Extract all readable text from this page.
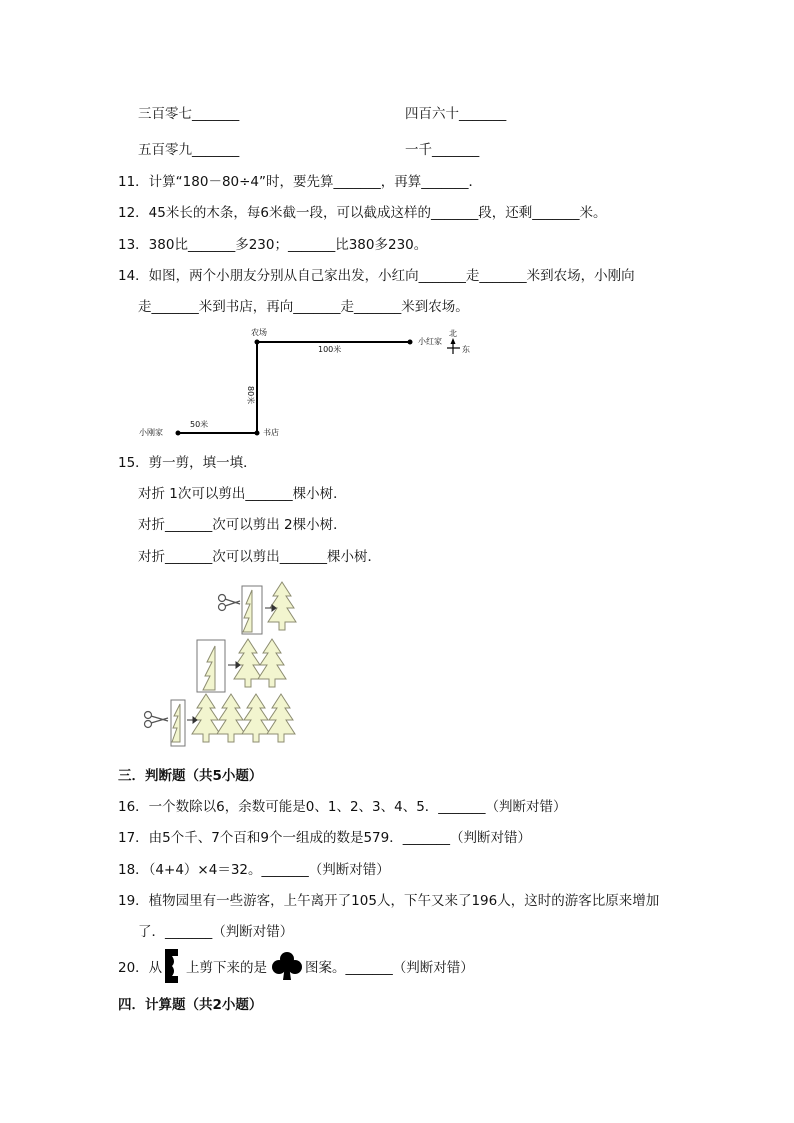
三百零七_______	四百六十_______
五百零九_______	一千_______
11．计算“180－80÷4”时，要先算_______，再算_______．
12．45米长的木条，每6米截一段，可以截成这样的_______段，还剩_______米。
13．380比_______多230；_______比380多230。
14．如图，两个小朋友分别从自己家出发，小红向_______走_______米到农场，小刚向
走_______米到书店，再向_______走_______米到农场。
农场
小红家
100米
80米
50米
小刚家	书店
北
东
15．剪一剪，填一填．
对折 1次可以剪出_______棵小树．
对折_______次可以剪出 2棵小树．
对折_______次可以剪出_______棵小树．
三．判断题（共5小题）
16．一个数除以6，余数可能是0、1、2、3、4、5．_______（判断对错）
17．由5个千、7个百和9个一组成的数是579．_______（判断对错）
18．（4+4）×4＝32。_______（判断对错）
19．植物园里有一些游客，上午离开了105人，下午又来了196人，这时的游客比原来增加
了．_______（判断对错）
20．从 上剪下来的是	图案。_______（判断对错）
四．计算题（共2小题）
